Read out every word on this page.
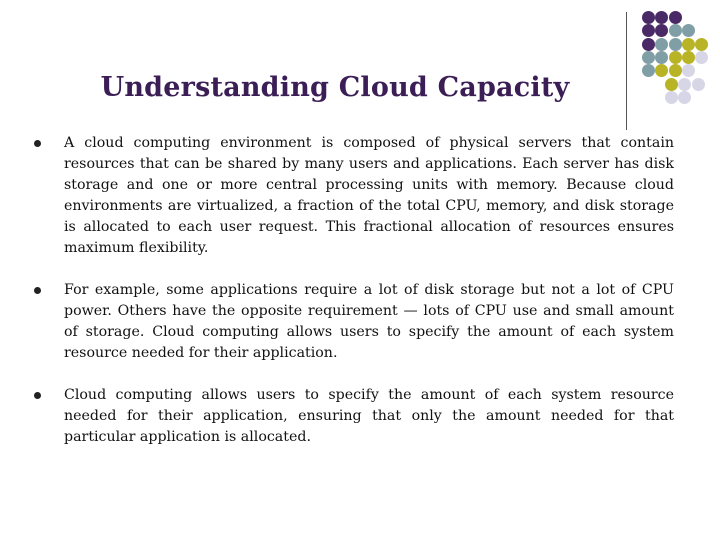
Understanding Cloud Capacity

A cloud computing environment is composed of physical servers that contain resources that can be shared by many users and applications. Each server has disk storage and one or more central processing units with memory. Because cloud environments are virtualized, a fraction of the total CPU, memory, and disk storage is allocated to each user request. This fractional allocation of resources ensures maximum flexibility.

For example, some applications require a lot of disk storage but not a lot of CPU power. Others have the opposite requirement — lots of CPU use and small amount of storage. Cloud computing allows users to specify the amount of each system resource needed for their application.

Cloud computing allows users to specify the amount of each system resource needed for their application, ensuring that only the amount needed for that particular application is allocated.
